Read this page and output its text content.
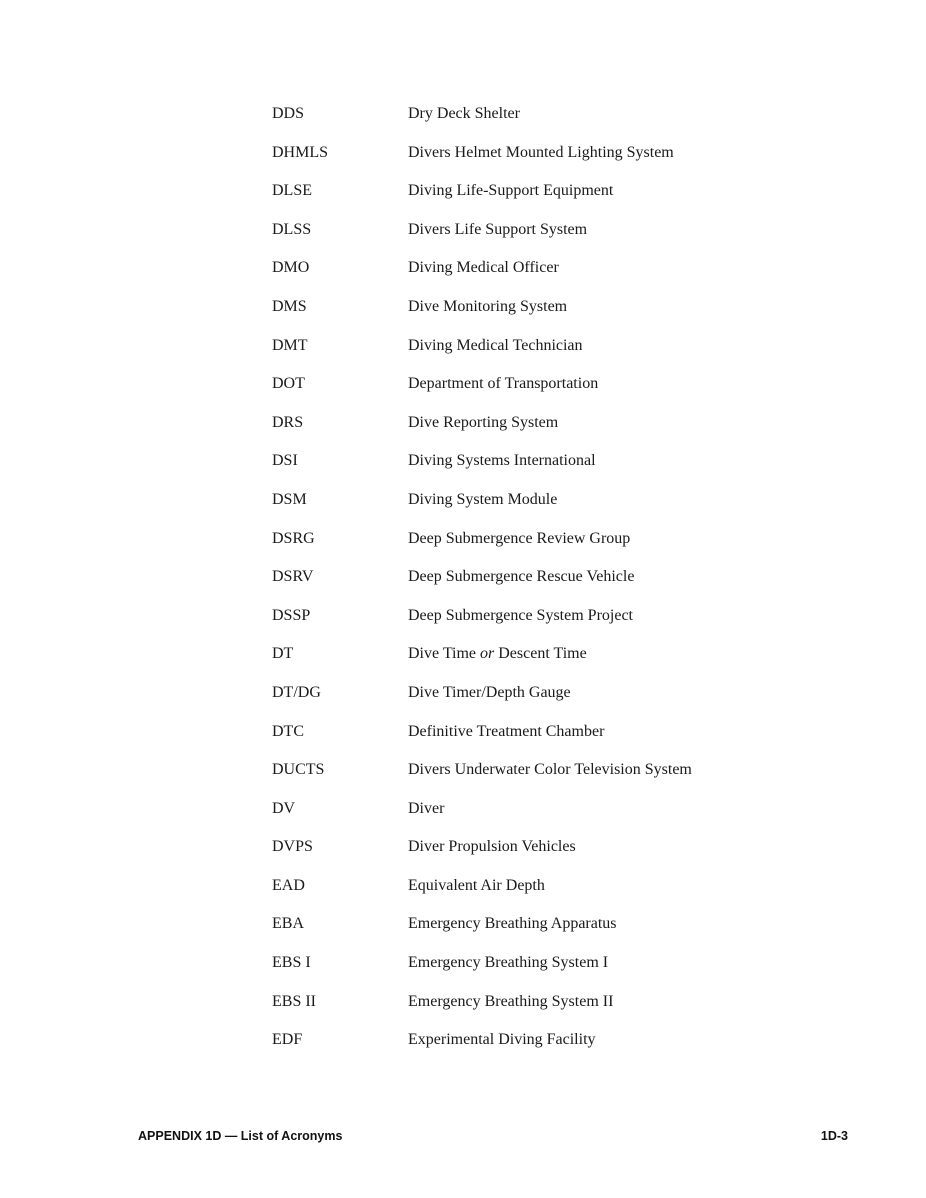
DDS	Dry Deck Shelter
DHMLS	Divers Helmet Mounted Lighting System
DLSE	Diving Life-Support Equipment
DLSS	Divers Life Support System
DMO	Diving Medical Officer
DMS	Dive Monitoring System
DMT	Diving Medical Technician
DOT	Department of Transportation
DRS	Dive Reporting System
DSI	Diving Systems International
DSM	Diving System Module
DSRG	Deep Submergence Review Group
DSRV	Deep Submergence Rescue Vehicle
DSSP	Deep Submergence System Project
DT	Dive Time or Descent Time
DT/DG	Dive Timer/Depth Gauge
DTC	Definitive Treatment Chamber
DUCTS	Divers Underwater Color Television System
DV	Diver
DVPS	Diver Propulsion Vehicles
EAD	Equivalent Air Depth
EBA	Emergency Breathing Apparatus
EBS I	Emergency Breathing System I
EBS II	Emergency Breathing System II
EDF	Experimental Diving Facility
APPENDIX 1D — List of Acronyms	1D-3
